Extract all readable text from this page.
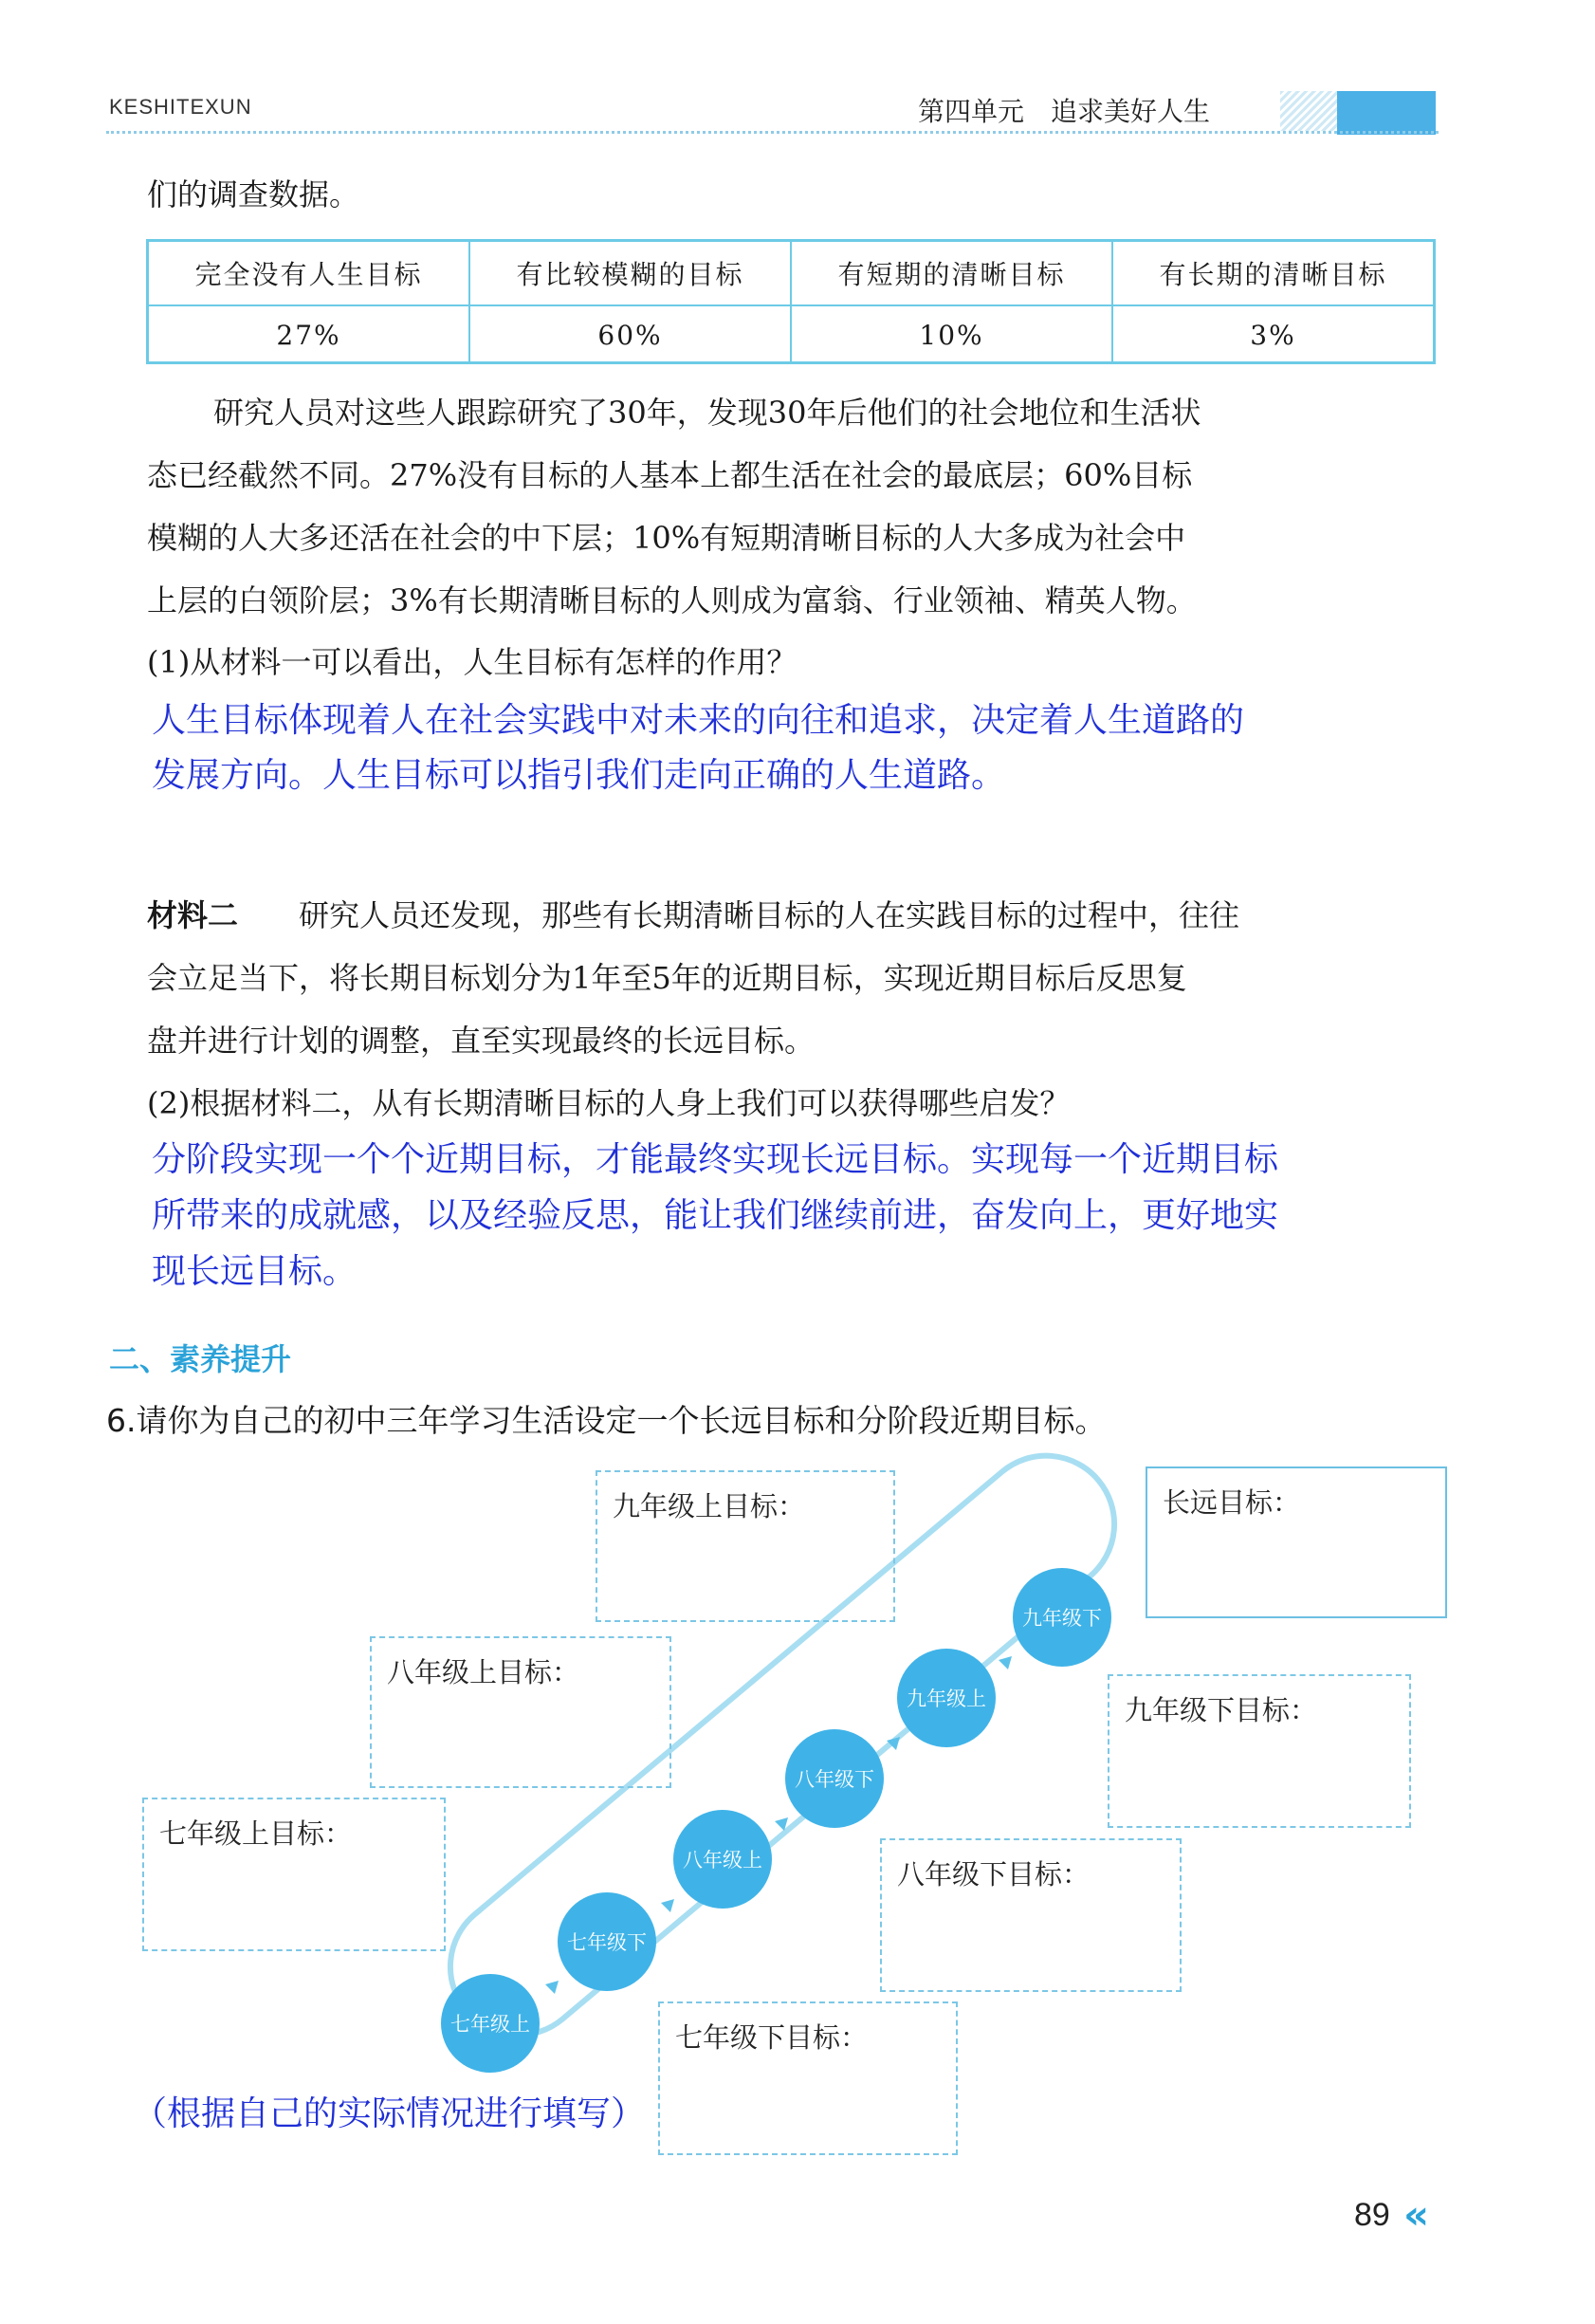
KESHITEXUN	第四单元　追求美好人生
们的调查数据。
完全没有人生目标	有比较模糊的目标	有短期的清晰目标	有长期的清晰目标
27%	60%	10%	3%
研究人员对这些人跟踪研究了30年，发现30年后他们的社会地位和生活状
态已经截然不同。27%没有目标的人基本上都生活在社会的最底层；60%目标
模糊的人大多还活在社会的中下层；10%有短期清晰目标的人大多成为社会中
上层的白领阶层；3%有长期清晰目标的人则成为富翁、行业领袖、精英人物。
(1)从材料一可以看出，人生目标有怎样的作用？
人生目标体现着人在社会实践中对未来的向往和追求，决定着人生道路的
发展方向。人生目标可以指引我们走向正确的人生道路。
材料二 研究人员还发现，那些有长期清晰目标的人在实践目标的过程中，往往
会立足当下，将长期目标划分为1年至5年的近期目标，实现近期目标后反思复
盘并进行计划的调整，直至实现最终的长远目标。
(2)根据材料二，从有长期清晰目标的人身上我们可以获得哪些启发？
分阶段实现一个个近期目标，才能最终实现长远目标。实现每一个近期目标
所带来的成就感，以及经验反思，能让我们继续前进，奋发向上，更好地实
现长远目标。
二、素养提升
6.请你为自己的初中三年学习生活设定一个长远目标和分阶段近期目标。
七年级上
七年级下
八年级上
八年级下
九年级上
九年级下
九年级上目标：	长远目标：
八年级上目标：
九年级下目标：
七年级上目标：
八年级下目标：
七年级下目标：
（根据自己的实际情况进行填写）
89 «
